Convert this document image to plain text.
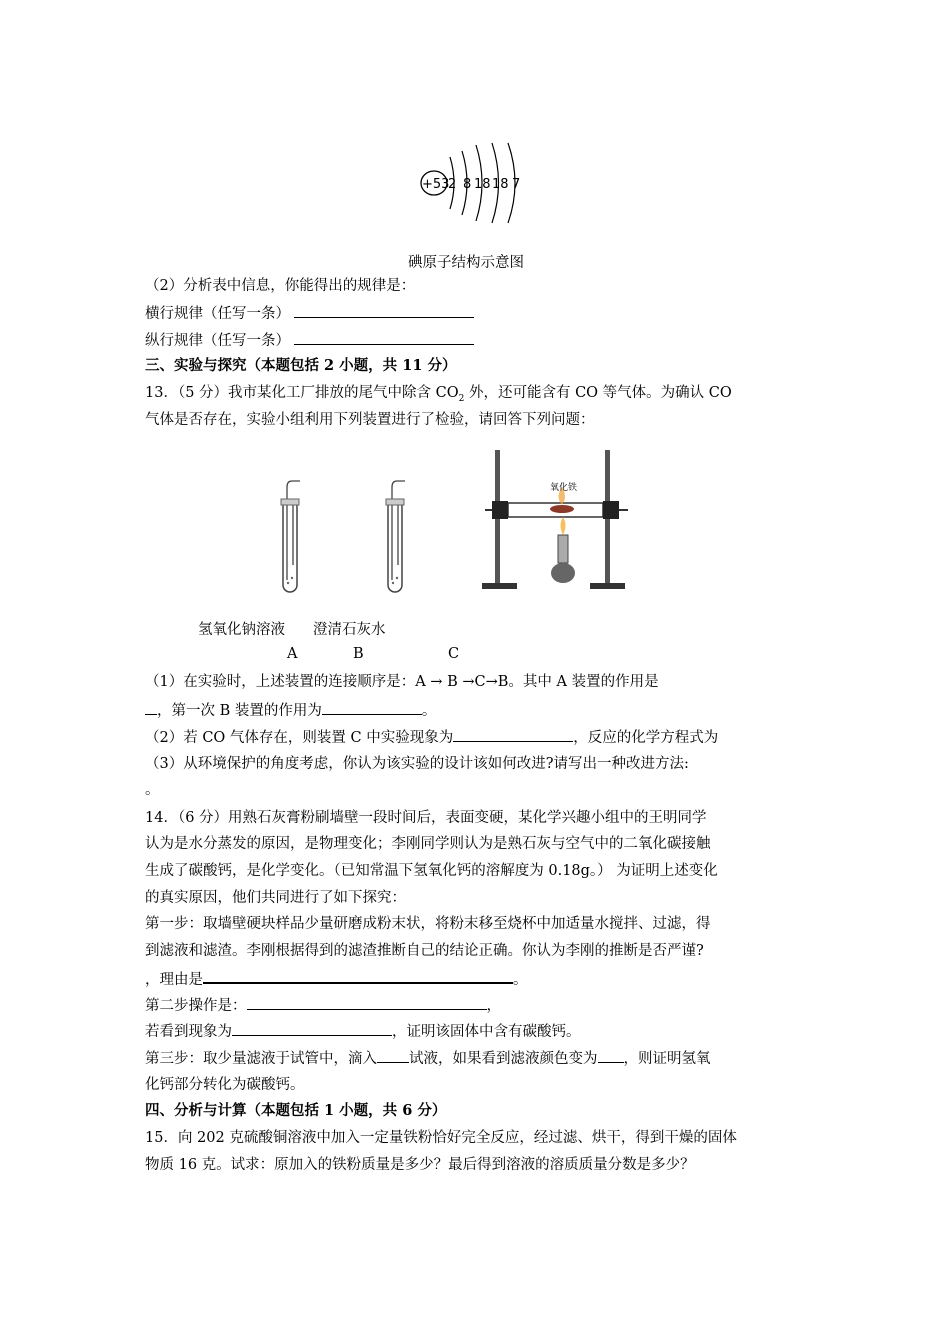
+53
2 8 18 18 7
碘原子结构示意图
（2）分析表中信息，你能得出的规律是：
横行规律（任写一条）
纵行规律（任写一条）
三、实验与探究（本题包括 2 小题，共 11 分）
13．（5 分）我市某化工厂排放的尾气中除含 $CO_2$ 外，还可能含有 CO 等气体。为确认 CO
气体是否存在，实验小组利用下列装置进行了检验，请回答下列问题：
氧化铁
氢氧化钠溶液 澄清石灰水
A	B	C
（1）在实验时，上述装置的连接顺序是：A → B →C→B。其中 A 装置的作用是
，第一次 B 装置的作用为	。
（2）若 CO 气体存在，则装置 C 中实验现象为	，反应的化学方程式为
（3）从环境保护的角度考虑，你认为该实验的设计该如何改进?请写出一种改进方法:
。
14．（6 分）用熟石灰膏粉刷墙壁一段时间后，表面变硬，某化学兴趣小组中的王明同学
认为是水分蒸发的原因，是物理变化；李刚同学则认为是熟石灰与空气中的二氧化碳接触
生成了碳酸钙，是化学变化。（已知常温下氢氧化钙的溶解度为 0.18g。） 为证明上述变化
的真实原因，他们共同进行了如下探究：
第一步：取墙壁硬块样品少量研磨成粉末状，将粉末移至烧杯中加适量水搅拌、过滤，得
到滤液和滤渣。李刚根据得到的滤渣推断自己的结论正确。你认为李刚的推断是否严谨?
，理由是	。
第二步操作是：	，
若看到现象为	，证明该固体中含有碳酸钙。
第三步：取少量滤液于试管中，滴入 试液，如果看到滤液颜色变为 ，则证明氢氧
化钙部分转化为碳酸钙。
四、分析与计算（本题包括 1 小题，共 6 分）
15．向 202 克硫酸铜溶液中加入一定量铁粉恰好完全反应，经过滤、烘干，得到干燥的固体
物质 16 克。试求：原加入的铁粉质量是多少？最后得到溶液的溶质质量分数是多少？
